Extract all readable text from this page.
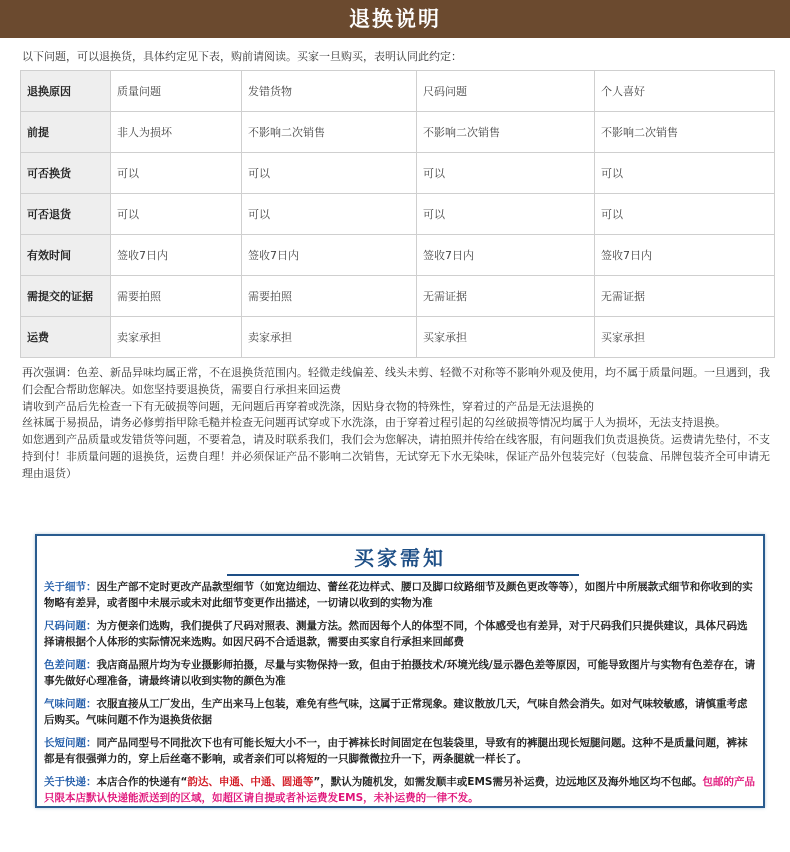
退换说明
以下问题，可以退换货，具体约定见下表，购前请阅读。买家一旦购买，表明认同此约定：
退换原因	质量问题	发错货物	尺码问题	个人喜好
前提	非人为损坏	不影响二次销售	不影响二次销售	不影响二次销售
可否换货	可以	可以	可以	可以
可否退货	可以	可以	可以	可以
有效时间	签收7日内	签收7日内	签收7日内	签收7日内
需提交的证据	需要拍照	需要拍照	无需证据	无需证据
运费	卖家承担	卖家承担	买家承担	买家承担

再次强调：色差、新品异味均属正常，不在退换货范围内。轻微走线偏差、线头未剪、轻微不对称等不影响外观及使用，均不属于质量问题。一旦遇到，我们会配合帮助您解决。如您坚持要退换货，需要自行承担来回运费

请收到产品后先检查一下有无破损等问题，无问题后再穿着或洗涤，因贴身衣物的特殊性，穿着过的产品是无法退换的

丝袜属于易损品，请务必修剪指甲除毛糙并检查无问题再试穿或下水洗涤，由于穿着过程引起的勾丝破损等情况均属于人为损坏，无法支持退换。

如您遇到产品质量或发错货等问题，不要着急，请及时联系我们，我们会为您解决，请拍照并传给在线客服，有问题我们负责退换货。运费请先垫付，不支持到付！非质量问题的退换货，运费自理！并必须保证产品不影响二次销售，无试穿无下水无染味，保证产品外包装完好（包装盒、吊牌包装齐全可申请无理由退货）

买家需知

关于细节：因生产部不定时更改产品款型细节（如宽边细边、蕾丝花边样式、腰口及脚口纹路细节及颜色更改等等），如图片中所展款式细节和你收到的实物略有差异，或者图中未展示或未对此细节变更作出描述，一切请以收到的实物为准

尺码问题：为方便亲们选购，我们提供了尺码对照表、测量方法。然而因每个人的体型不同，个体感受也有差异，对于尺码我们只提供建议，具体尺码选择请根据个人体形的实际情况来选购。如因尺码不合适退款，需要由买家自行承担来回邮费

色差问题：我店商品照片均为专业摄影师拍摄，尽量与实物保持一致，但由于拍摄技术/环境光线/显示器色差等原因，可能导致图片与实物有色差存在，请事先做好心理准备，请最终请以收到实物的颜色为准

气味问题：衣服直接从工厂发出，生产出来马上包装，难免有些气味，这属于正常现象。建议散放几天，气味自然会消失。如对气味较敏感，请慎重考虑后购买。气味问题不作为退换货依据

长短问题：同产品同型号不同批次下也有可能长短大小不一，由于裤袜长时间固定在包装袋里，导致有的裤腿出现长短腿问题。这种不是质量问题，裤袜都是有很强弹力的，穿上后丝毫不影响，或者亲们可以将短的一只脚微微拉升一下，两条腿就一样长了。

关于快递：本店合作的快递有“韵达、申通、中通、圆通等”，默认为随机发，如需发顺丰或EMS需另补运费，边远地区及海外地区均不包邮。包邮的产品只限本店默认快递能派送到的区域，如超区请自提或者补运费发EMS，未补运费的一律不发。
